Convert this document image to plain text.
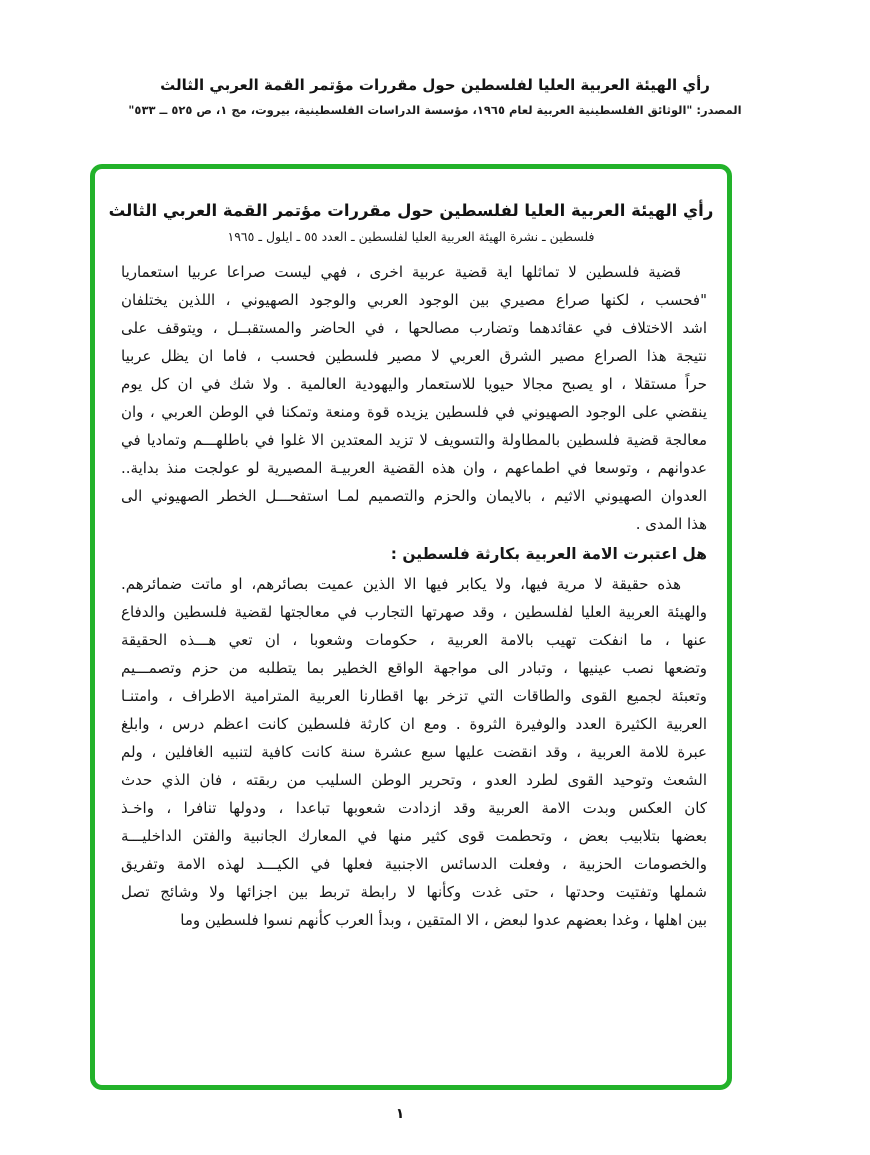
رأي الهيئة العربية العليا لفلسطين حول مقررات مؤتمر القمة العربي الثالث
المصدر: "الوثائق الفلسطينية العربية لعام ١٩٦٥، مؤسسة الدراسات الفلسطينية، بيروت، مج ١، ص ٥٢٥ ــ ٥٣٣"
رأي الهيئة العربية العليا لفلسطين حول مقررات مؤتمر القمة العربي الثالث
فلسطين ـ نشرة الهيئة العربية العليا لفلسطين ـ العدد ٥٥ ـ ايلول ـ ١٩٦٥
قضية فلسطين لا تماثلها اية قضية عربية اخرى ، فهي ليست صراعا عربيا استعماريا
"فحسب ، لكنها صراع مصيري بين الوجود العربي والوجود الصهيوني ، اللذين يختلفان
اشد الاختلاف في عقائدهما وتضارب مصالحها ، في الحاضر والمستقبــل ، ويتوقف على
نتيجة هذا الصراع مصير الشرق العربي لا مصير فلسطين فحسب ، فاما ان يظل عربيا
حراً مستقلا ، او يصبح مجالا حيويا للاستعمار واليهودية العالمية . ولا شك في ان كل يوم
ينقضي على الوجود الصهيوني في فلسطين يزيده قوة ومنعة وتمكنا في الوطن العربي ، وان
معالجة قضية فلسطين بالمطاولة والتسويف لا تزيد المعتدين الا غلوا في باطلهـــم وتماديا في
عدوانهم ، وتوسعا في اطماعهم ، وان هذه القضية العربيـة المصيرية لو عولجت منذ بداية..
العدوان الصهيوني الاثيم ، بالايمان والحزم والتصميم لمـا استفحـــل الخطر الصهيوني الى
هذا المدى .
هل اعتبرت الامة العربية بكارثة فلسطين :
هذه حقيقة لا مرية فيها، ولا يكابر فيها الا الذين عميت بصائرهم، او ماتت ضمائرهم.
والهيئة العربية العليا لفلسطين ، وقد صهرتها التجارب في معالجتها لقضية فلسطين والدفاع
عنها ، ما انفكت تهيب بالامة العربية ، حكومات وشعوبا ، ان تعي هـــذه الحقيقة
وتضعها نصب عينيها ، وتبادر الى مواجهة الواقع الخطير بما يتطلبه من حزم وتصمـــيم
وتعبئة لجميع القوى والطاقات التي تزخر بها اقطارنا العربية المترامية الاطراف ، وامتنـا
العربية الكثيرة العدد والوفيرة الثروة . ومع ان كارثة فلسطين كانت اعظم درس ، وابلغ
عبرة للامة العربية ، وقد انقضت عليها سبع عشرة سنة كانت كافية لتنبيه الغافلين ، ولم
الشعث وتوحيد القوى لطرد العدو ، وتحرير الوطن السليب من ربقته ، فان الذي حدث
كان العكس وبدت الامة العربية وقد ازدادت شعوبها تباعدا ، ودولها تنافرا ، واخـذ
بعضها بتلابيب بعض ، وتحطمت قوى كثير منها في المعارك الجانبية والفتن الداخليـــة
والخصومات الحزبية ، وفعلت الدسائس الاجنبية فعلها في الكيـــد لهذه الامة وتفريق
شملها وتفتيت وحدتها ، حتى غدت وكأنها لا رابطة تربط بين اجزائها ولا وشائج تصل
بين اهلها ، وغدا بعضهم عدوا لبعض ، الا المتقين ، وبدأ العرب كأنهم نسوا فلسطين وما
١
